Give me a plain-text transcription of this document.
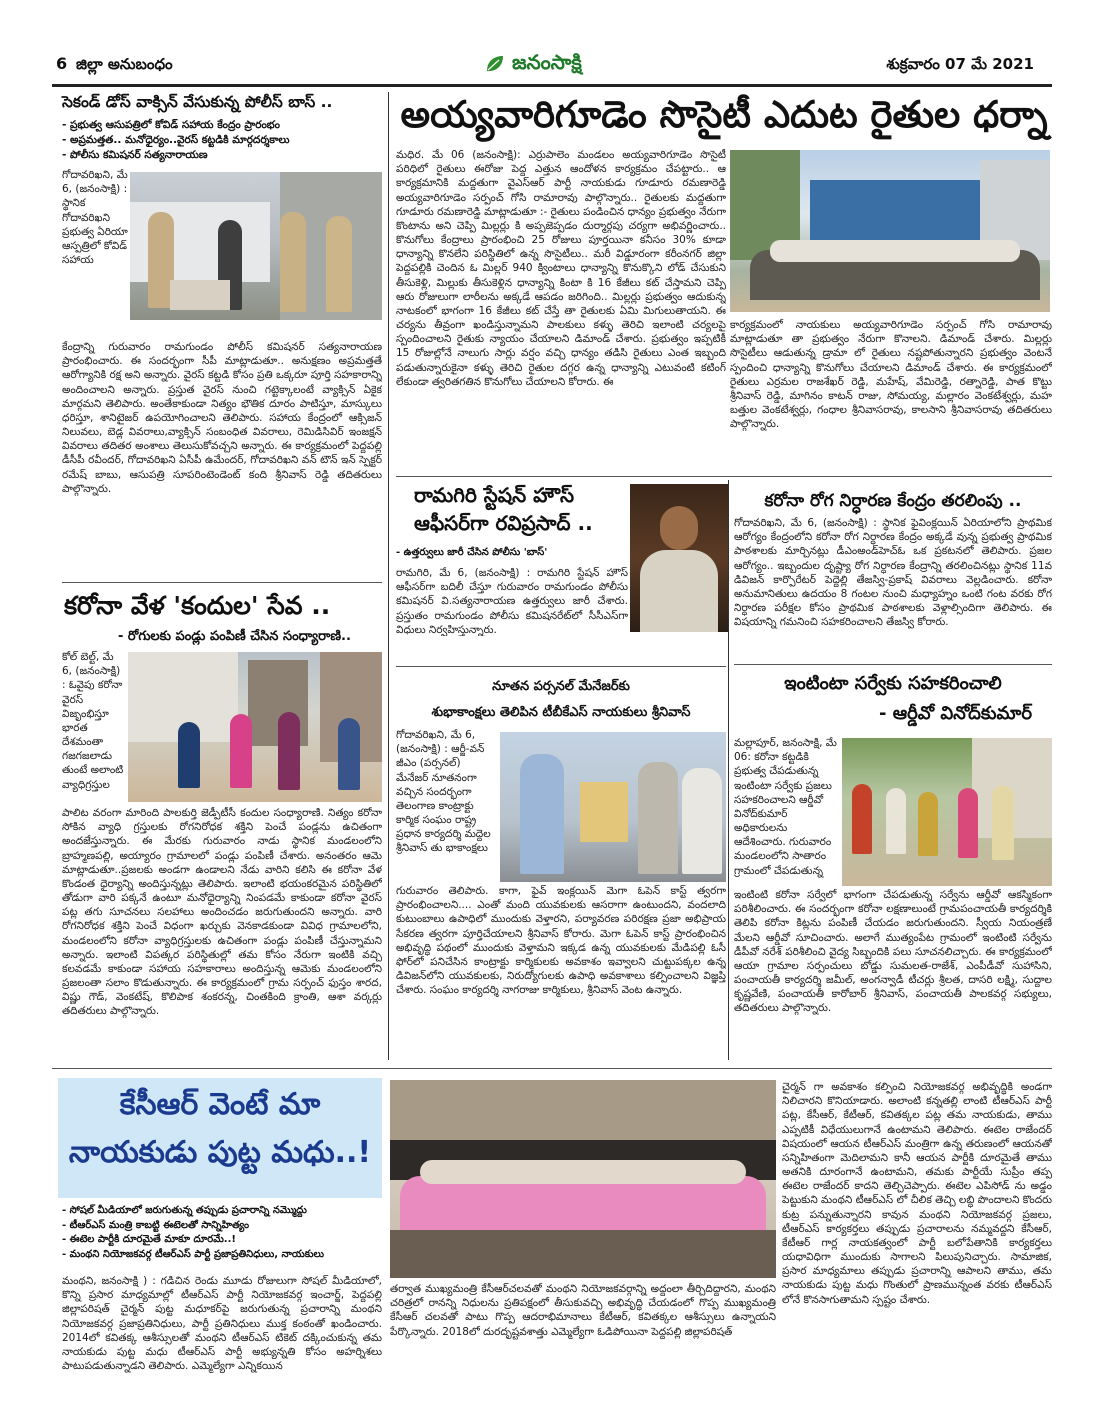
6 జిల్లా అనుబంధం	జనంసాక్షి	శుక్రవారం 07 మే 2021
సెకండ్ డోస్ వాక్సిన్ వేసుకున్న పోలీస్ బాస్ ..
- ప్రభుత్వ ఆసుపత్రిలో కోవిడ్ సహాయ కేంద్రం ప్రారంభం
- అప్రమత్తత.. మనోధైర్యం..వైరస్ కట్టడికి మార్గదర్శకాలు
- పోలీసు కమిషనర్ సత్యనారాయణ
గోదావరిఖని, మే 6, (జనంసాక్షి) : స్థానిక గోదావరిఖని ప్రభుత్వ ఏరియా ఆస్పత్రిలో కోవిడ్ సహాయ
కేంద్రాన్ని గురువారం రామగుండం పోలీస్ కమిషనర్ సత్యనారాయణ ప్రారంభించారు. ఈ సందర్భంగా సీపీ మాట్లాడుతూ.. అనుక్షణం అప్రమత్తతే ఆరోగ్యానికి రక్ష అని అన్నారు. వైరస్ కట్టడి కోసం ప్రతి ఒక్కరూ పూర్తి సహకారాన్ని అందించాలని అన్నారు. ప్రస్తుత వైరస్ నుంచి గట్టెక్కాలంటే వ్యాక్సిన్ ఏకైక మార్గమని తెలిపారు. అంతేకాకుండా నిత్యం భౌతిక దూరం పాటిస్తూ, మాస్కులు ధరిస్తూ, శానిటైజర్ ఉపయోగించాలని తెలిపారు. సహాయ కేంద్రంలో ఆక్సిజన్ నిలువలు, బెడ్ల వివరాలు,వ్యాక్సిన్ సంబంధిత వివరాలు, రెమిడిసివిర్ ఇంజక్షన్ వివరాలు తదితర అంశాలు తెలుసుకోవచ్చని అన్నారు. ఈ కార్యక్రమంలో పెద్దపల్లి డీసీపీ రవీందర్, గోదావరిఖని ఏసీపీ ఉమేందర్, గోదావరిఖని వన్ టౌన్ ఇన్ స్పెక్టర్ రమేష్ బాబు, ఆసుపత్రి సూపరింటెండెంట్ కంది శ్రీనివాస్ రెడ్డి తదితరులు పాల్గొన్నారు.
కరోనా వేళ 'కందుల' సేవ ..
- రోగులకు పండ్లు పంపిణీ చేసిన సంధ్యారాణి..
కోల్ బెల్ట్, మే 6, (జనంసాక్షి) : ఓవైపు కరోనా వైరస్ విజృంభిస్తూ భారత దేశమంతా గజగజలాడు తుంటే అలాంటి వ్యాధిగ్రస్తుల
పాలిట వరంగా మారింది పాలకుర్తి జెడ్పీటీసీ కందుల సంధ్యారాణి. నిత్యం కరోనా సోకిన వ్యాధి గ్రస్తులకు రోగనిరోధక శక్తిని పెంచే పండ్లను ఉచితంగా అందజేస్తున్నారు. ఈ మేరకు గురువారం నాడు స్థానిక మండలంలోని బ్రాహ్మణపల్లి, అయ్యారం గ్రామాలలో పండ్లు పంపిణీ చేశారు. అనంతరం ఆమె మాట్లాడుతూ..ప్రజలకు అండగా ఉండాలని నేడు వారిని కలిసి ఈ కరోనా వేళ కొండంత ధైర్యాన్ని అందిస్తున్నట్లు తెలిపారు. ఇలాంటి భయంకరమైన పరిస్థితిలో తోడుగా వారి పక్కనే ఉంటూ మనోధైర్యాన్ని నింపడమే కాకుండా కరోనా వైరస్ పట్ల తగు సూచనలు సలహాలు అందించడం జరుగుతుందని అన్నారు. వారి రోగనిరోధక శక్తిని పెంచే విధంగా ఖర్చుకు వెనకాడకుండా వివిధ గ్రామాలలోని, మండలంలోని కరోనా వ్యాధిగ్రస్తులకు ఉచితంగా పండ్లు పంపిణీ చేస్తున్నామని అన్నారు. ఇలాంటి విపత్కర పరిస్థితుల్లో తమ కోసం నేరుగా ఇంటికి వచ్చి కలవడమే కాకుండా సహాయ సహకారాలు అందిస్తున్న ఆమెకు మండలంలోని ప్రజలంతా సలాం కొడుతున్నారు. ఈ కార్యక్రమంలో గ్రామ సర్పంచ్ ఫుస్తం శారద, విష్ణు గౌడ్, వెంకటేష్, కొలిపాక శంకరన్న, చింతకింది క్రాంతి, ఆశా వర్కర్లు తదితరులు పాల్గొన్నారు.
అయ్యవారిగూడెం సొసైటీ ఎదుట రైతుల ధర్నా
మధిర. మే 06 (జనంసాక్షి): ఎర్రుపాలెం మండలం అయ్యవారిగూడెం సొసైటీ పరిధిలో రైతులు ఈరోజు పెద్ద ఎత్తున ఆందోళన కార్యక్రమం చేపట్టారు.. ఆ కార్యక్రమానికి మద్దతుగా వైఎస్ఆర్ పార్టీ నాయకుడు గూడూరు రమణారెడ్డి అయ్యవారిగూడెం సర్పంచ్ గోసి రామారావు పాల్గొన్నారు.. రైతులకు మద్దతుగా గూడూరు రమణారెడ్డి మాట్లాడుతూ :- రైతులు పండించిన ధాన్యం ప్రభుత్వం నేరుగా కొంటాను అని చెప్పి మిల్లర్లు కి అప్పజెప్పడం దుర్మార్గపు చర్యగా అభివర్ణించారు.. కొనుగోలు కేంద్రాలు ప్రారంభించి 25 రోజులు పూర్తయినా కనీసం 30% కూడా ధాన్యాన్ని కొనలేని పరిస్థితిలో ఉన్న సొసైటీలు.. మరీ విడ్డూరంగా కరీంనగర్ జిల్లా పెద్దపల్లికి చెందిన ఓ మిల్లర్ 940 క్వింటాలు ధాన్యాన్ని కొనుక్కొని లోడ్ చేసుకుని తీసుకెళ్లి, మిల్లుకు తీసుకెళ్లిన ధాన్యాన్ని కింటా కి 16 కేజీలు కట్ చేస్తామని చెప్పి ఆరు రోజులుగా లారీలను అక్కడే ఆపడం జరిగింది.. మిల్లర్లు ప్రభుత్వం ఆదుకున్న నాటకంలో భాగంగా 16 కేజీలు కట్ చేస్తే తా రైతులకు ఏమి మిగులుతాయని. ఈ చర్యను తీవ్రంగా ఖండిస్తున్నామని పాలకులు కళ్ళు తెరిచి ఇలాంటి చర్యలపై స్పందించాలని రైతుకు న్యాయం చేయాలని డిమాండ్ చేశారు. ప్రభుత్వం ఇప్పటికీ 15 రోజుల్లోనే నాలుగు సార్లు వర్షం వచ్చి ధాన్యం తడిసి రైతులు ఎంత ఇబ్బంది పడుతున్నారుకైనా కళ్ళు తెరిచి రైతుల దగ్గర ఉన్న ధాన్యాన్ని ఎటువంటి కటింగ్ లేకుండా త్వరితగతిన కొనుగోలు చేయాలని కోరారు. ఈ
కార్యక్రమంలో నాయకులు అయ్యవారిగూడెం సర్పంచ్ గోసి రామారావు మాట్లాడుతూ తా ప్రభుత్వం నేరుగా కొనాలని. డిమాండ్ చేశారు. మిల్లర్లు సొసైటీలు ఆడుతున్న డ్రామా లో రైతులు నష్టపోతున్నారని ప్రభుత్వం వెంటనే స్పందించి ధాన్యాన్ని కొనుగోలు చేయాలని డిమాండ్ చేశారు. ఈ కార్యక్రమంలో రైతులు ఎర్రమల రాజశేఖర్ రెడ్డి, మహేష్, వేమిరెడ్డి, రత్నారెడ్డి, పాత కొట్టు శ్రీనివాస్ రెడ్డి, మాగినం కాటన్ రాజు, సోమయ్య, మల్లారం వెంకటేశ్వర్లు, మహ బత్తుల వెంకటేశ్వర్లు, గంధాల శ్రీనివాసరావు, కాలసాని శ్రీనివాసరావు తదితరులు పాల్గొన్నారు.
రామగిరి స్టేషన్ హౌస్
ఆఫీసర్‌గా రవిప్రసాద్ ..
- ఉత్తర్వులు జారీ చేసిన పోలీసు 'బాస్'
రామగిరి, మే 6, (జనంసాక్షి) : రామగిరి స్టేషన్ హౌస్ ఆఫీసర్‌గా బదిలీ చేస్తూ గురువారం రామగుండం పోలీసు కమిషనర్ వి.సత్యనారాయణ ఉత్తర్వులు జారీ చేశారు. ప్రస్తుతం రామగుండం పోలీసు కమిషనరేట్‌లో సీసీఎస్‌గా విధులు నిర్వహిస్తున్నారు.
నూతన పర్సనల్ మేనేజర్‌కు
శుభాకాంక్షలు తెలిపిన టీబీకేఎస్ నాయకులు శ్రీనివాస్
గోదావరిఖని, మే 6, (జనంసాక్షి) : ఆర్జీ-వన్ జీఎం (పర్సనల్) మేనేజర్ నూతనంగా వచ్చిన సందర్భంగా తెలంగాణ కాంట్రాక్టు కార్మిక సంఘం రాష్ట్ర ప్రధాన కార్యదర్శి మద్దెల శ్రీనివాస్ తు భాకాంక్షలు
గురువారం తెలిపారు. కాగా, ఫైవ్ ఇంక్లయిన్ మెగా ఓపెన్ కాస్ట్ త్వరగా ప్రారంభించాలని.... ఎంతో మంది యువకులకు ఆసరాగా ఉంటుందని, వందలాది కుటుంబాలు ఉపాధిలో ముందుకు వెళ్తారని, పర్యావరణ పరిరక్షణ ప్రజా అభిప్రాయ సేకరణ త్వరగా పూర్తిచేయాలని శ్రీనివాస్ కోరారు. మెగా ఓపెన్ కాస్ట్ ప్రారంభించిన అభివృద్ధి పథంలో ముందుకు వెళ్తామని ఇక్కడ ఉన్న యువకులకు మేడిపల్లి ఓసీ ఫోర్‌లో పనిచేసిన కాంట్రాక్టు కార్మికులకు అవకాశం ఇవ్వాలని చుట్టుపక్కల ఉన్న డివిజన్‌లోని యువకులకు, నిరుద్యోగులకు ఉపాధి అవకాశాలు కల్పించాలని విజ్ఞప్తి చేశారు. సంఘం కార్యదర్శి నాగరాజు కార్మికులు, శ్రీనివాస్ వెంట ఉన్నారు.
కరోనా రోగ నిర్ధారణ కేంద్రం తరలింపు ..
గోదావరిఖని, మే 6, (జనంసాక్షి) : స్థానిక ఫైవింక్లయిన్ ఏరియాలోని ప్రాథమిక ఆరోగ్యం కేంద్రంలోని కరోనా రోగ నిర్ధారణ కేంద్రం అక్కడే వున్న ప్రభుత్వ ప్రాథమిక పాఠశాలకు మార్చినట్లు డీఎంఅండ్‌హెచ్ఓ ఒక ప్రకటనలో తెలిపారు. ప్రజల ఆరోగ్యం.. ఇబ్బందుల దృష్ట్యా రోగ నిర్ధారణ కేంద్రాన్ని తరలించినట్లు స్థానిక 11వ డివిజన్ కార్పొరేటర్ పెద్దెల్లి తేజస్వి-ప్రకాష్ వివరాలు వెల్లడించారు. కరోనా అనుమానితులు ఉదయం 8 గంటల నుంచి మధ్యాహ్నం ఒంటి గంట వరకు రోగ నిర్ధారణ పరీక్షల కోసం ప్రాథమిక పాఠశాలకు వెళ్లాల్సిందిగా తెలిపారు. ఈ విషయాన్ని గమనించి సహకరించాలని తేజస్వి కోరారు.
ఇంటింటా సర్వేకు సహకరించాలి
- ఆర్డీవో వినోద్‌కుమార్
మల్లాపూర్, జనంసాక్షి, మే 06: కరోనా కట్టడికి ప్రభుత్వ చేపడుతున్న ఇంటింటా సర్వేకు ప్రజలు సహకరించాలని ఆర్డీవో వినోద్‌కుమార్ అధికారులను ఆదేశించారు. గురువారం మండలంలోని సాతారం గ్రామంలో చేపడుతున్న
ఇంటింటి కరోనా సర్వేలో భాగంగా చేపడుతున్న సర్వేను ఆర్డీవో ఆకస్మికంగా పరిశీలించారు. ఈ సందర్భంగా కరోనా లక్షణాలుంటే గ్రామపంచాయతీ కార్యదర్శికి తెలిపి కరోనా కిట్లను పంపిణీ చేయడం జరుగుతుందని. స్వీయ నియంత్రణే మేలని ఆర్డీవో సూచించారు. అలాగే ముత్యంపేట గ్రామంలో ఇంటింటి సర్వేను డీపీవో నరేశ్ పరిశీలించి వైద్య సిబ్బందికి పలు సూచనలిచ్చారు. ఈ కార్యక్రమంలో ఆయా గ్రామాల సర్పంచులు బోడ్డు సుమలత-రాజేశ్, ఎంపీడీవో సుహాసిని, పంచాయతీ కార్యదర్శి జమీల్, అంగన్వాడీ టీచర్లు శ్రీలత, దాసరి లక్ష్మి, సుద్దాల కృష్ణవేణి, పంచాయతీ కారోబార్ శ్రీనివాస్, పంచాయతీ పాలకవర్గ సభ్యులు, తదితరులు పాల్గొన్నారు.
కేసీఆర్ వెంటే మా
నాయకుడు పుట్ట మధు..!
- సోషల్ మీడియాలో జరుగుతున్న తప్పుడు ప్రచారాన్ని నమ్మొద్దు
- టీఆర్ఎస్ మంత్రి కాబట్టి ఈటెలతో సాన్నిహిత్యం
- ఈటెల పార్టీకి దూరమైతే మాకూ దూరమే..!
- మంథని నియోజకవర్గ టీఆర్ఎస్ పార్టీ ప్రజాప్రతినిధులు, నాయకులు
మంథని, జనంసాక్షి ) : గడిచిన రెండు మూడు రోజులుగా సోషల్ మీడియాలో, కొన్ని ప్రసార మాధ్యమాల్లో టీఆర్ఎస్ పార్టీ నియోజకవర్గ ఇంచార్జ్, పెద్దపల్లి జిల్లాపరిషత్ చైర్మన్ పుట్ట మధూకర్‌పై జరుగుతున్న ప్రచారాన్ని మంథని నియోజకవర్గ ప్రజాప్రతినిధులు, పార్టీ ప్రతినిధులు ముక్త కంఠంతో ఖండించారు. 2014లో కవితక్క ఆశీస్సులతో మంథని టీఆర్ఎస్ టికెట్ దక్కించుకున్న తమ నాయకుడు పుట్ట మధు టీఆర్ఎస్ పార్టీ అభ్యున్నతి కోసం అహర్నిశలు పాటుపడుతున్నాడని తెలిపారు. ఎమ్మెల్యేగా ఎన్నికయిన
తర్వాత ముఖ్యమంత్రి కేసీఆర్‌చలవతో మంథని నియోజకవర్గాన్ని అద్దంలా తీర్చిదిద్దారని, మంథని చరిత్రలో రానన్ని నిధులను ప్రతిపక్షంలో తీసుకువచ్చి అభివృద్ధి చేయడంలో గొప్ప ముఖ్యమంత్రి కేసీఆర్ చలవతో పాటు గొప్ప ఆదరాభిమానాలు కేటీఆర్, కవితక్కల ఆశీస్సులు ఉన్నాయని పేర్కొన్నారు. 2018లో దురదృష్టవశాత్తు ఎమ్మెల్యేగా ఓడిపోయినా పెద్దపల్లి జిల్లాపరిషత్
చైర్మన్ గా అవకాశం కల్పించి నియోజకవర్గ అభివృద్ధికి అండగా నిలిచారని కొనియాడారు. అలాంటి కన్నతల్లి లాంటి టీఆర్ఎస్ పార్టీ పట్ల, కేసీఆర్, కేటీఆర్, కవితక్కల పట్ల తమ నాయకుడు, తాము ఎప్పటికీ విధేయులుగానే ఉంటామని తెలిపారు. ఈటెల రాజేందర్ విషయంలో ఆయన టీఆర్ఎస్ మంత్రిగా ఉన్న తరుణంలో ఆయనతో సన్నిహితంగా మెదిలామని కానీ ఆయన పార్టీకి దూరమైతే తాము అతనికి దూరంగానే ఉంటామని, తమకు పార్టీయే సుప్రీం తప్ప ఈటెల రాజేందర్ కాదని తెల్చిచెప్పారు. ఈటెల ఎపిసోడ్ ను అడ్డం పెట్టుకుని మంథని టీఆర్ఎస్ లో చీలిక తెచ్చి లబ్ధి పొందాలని కొందరు కుట్ర పన్నుతున్నారని కావున మంథని నియోజకవర్గ ప్రజలు, టీఆర్ఎస్ కార్యకర్తలు తప్పుడు ప్రచారాలను నమ్మవద్దని కేసీఆర్, కేటీఆర్ గార్ల నాయకత్వంలో పార్టీ బలోపేతానికి కార్యకర్తలు యధావిధిగా ముందుకు సాగాలని పిలుపునిచ్చారు. సామాజిక, ప్రసార మాధ్యమాలు తప్పుడు ప్రచారాన్ని ఆపాలని తాము, తమ నాయకుడు పుట్ట మధు గొంతులో ప్రాణమున్నంత వరకు టీఆర్ఎస్ లోనే కొనసాగుతామని స్పష్టం చేశారు.
